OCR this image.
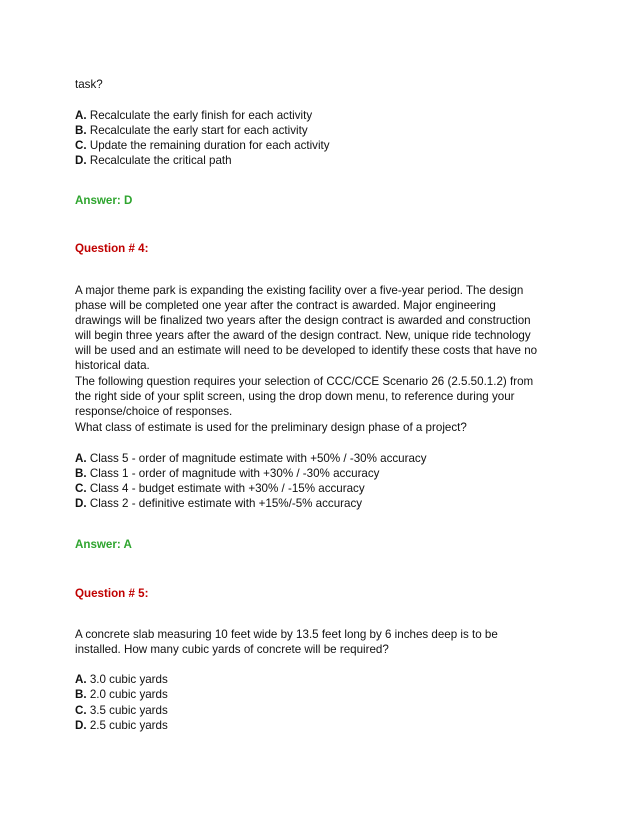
task?
A. Recalculate the early finish for each activity
B. Recalculate the early start for each activity
C. Update the remaining duration for each activity
D. Recalculate the critical path
Answer: D
Question # 4:
A major theme park is expanding the existing facility over a five-year period. The design
phase will be completed one year after the contract is awarded. Major engineering
drawings will be finalized two years after the design contract is awarded and construction
will begin three years after the award of the design contract. New, unique ride technology
will be used and an estimate will need to be developed to identify these costs that have no
historical data.
The following question requires your selection of CCC/CCE Scenario 26 (2.5.50.1.2) from
the right side of your split screen, using the drop down menu, to reference during your
response/choice of responses.
What class of estimate is used for the preliminary design phase of a project?
A. Class 5 - order of magnitude estimate with +50% / -30% accuracy
B. Class 1 - order of magnitude with +30% / -30% accuracy
C. Class 4 - budget estimate with +30% / -15% accuracy
D. Class 2 - definitive estimate with +15%/-5% accuracy
Answer: A
Question # 5:
A concrete slab measuring 10 feet wide by 13.5 feet long by 6 inches deep is to be
installed. How many cubic yards of concrete will be required?
A. 3.0 cubic yards
B. 2.0 cubic yards
C. 3.5 cubic yards
D. 2.5 cubic yards
